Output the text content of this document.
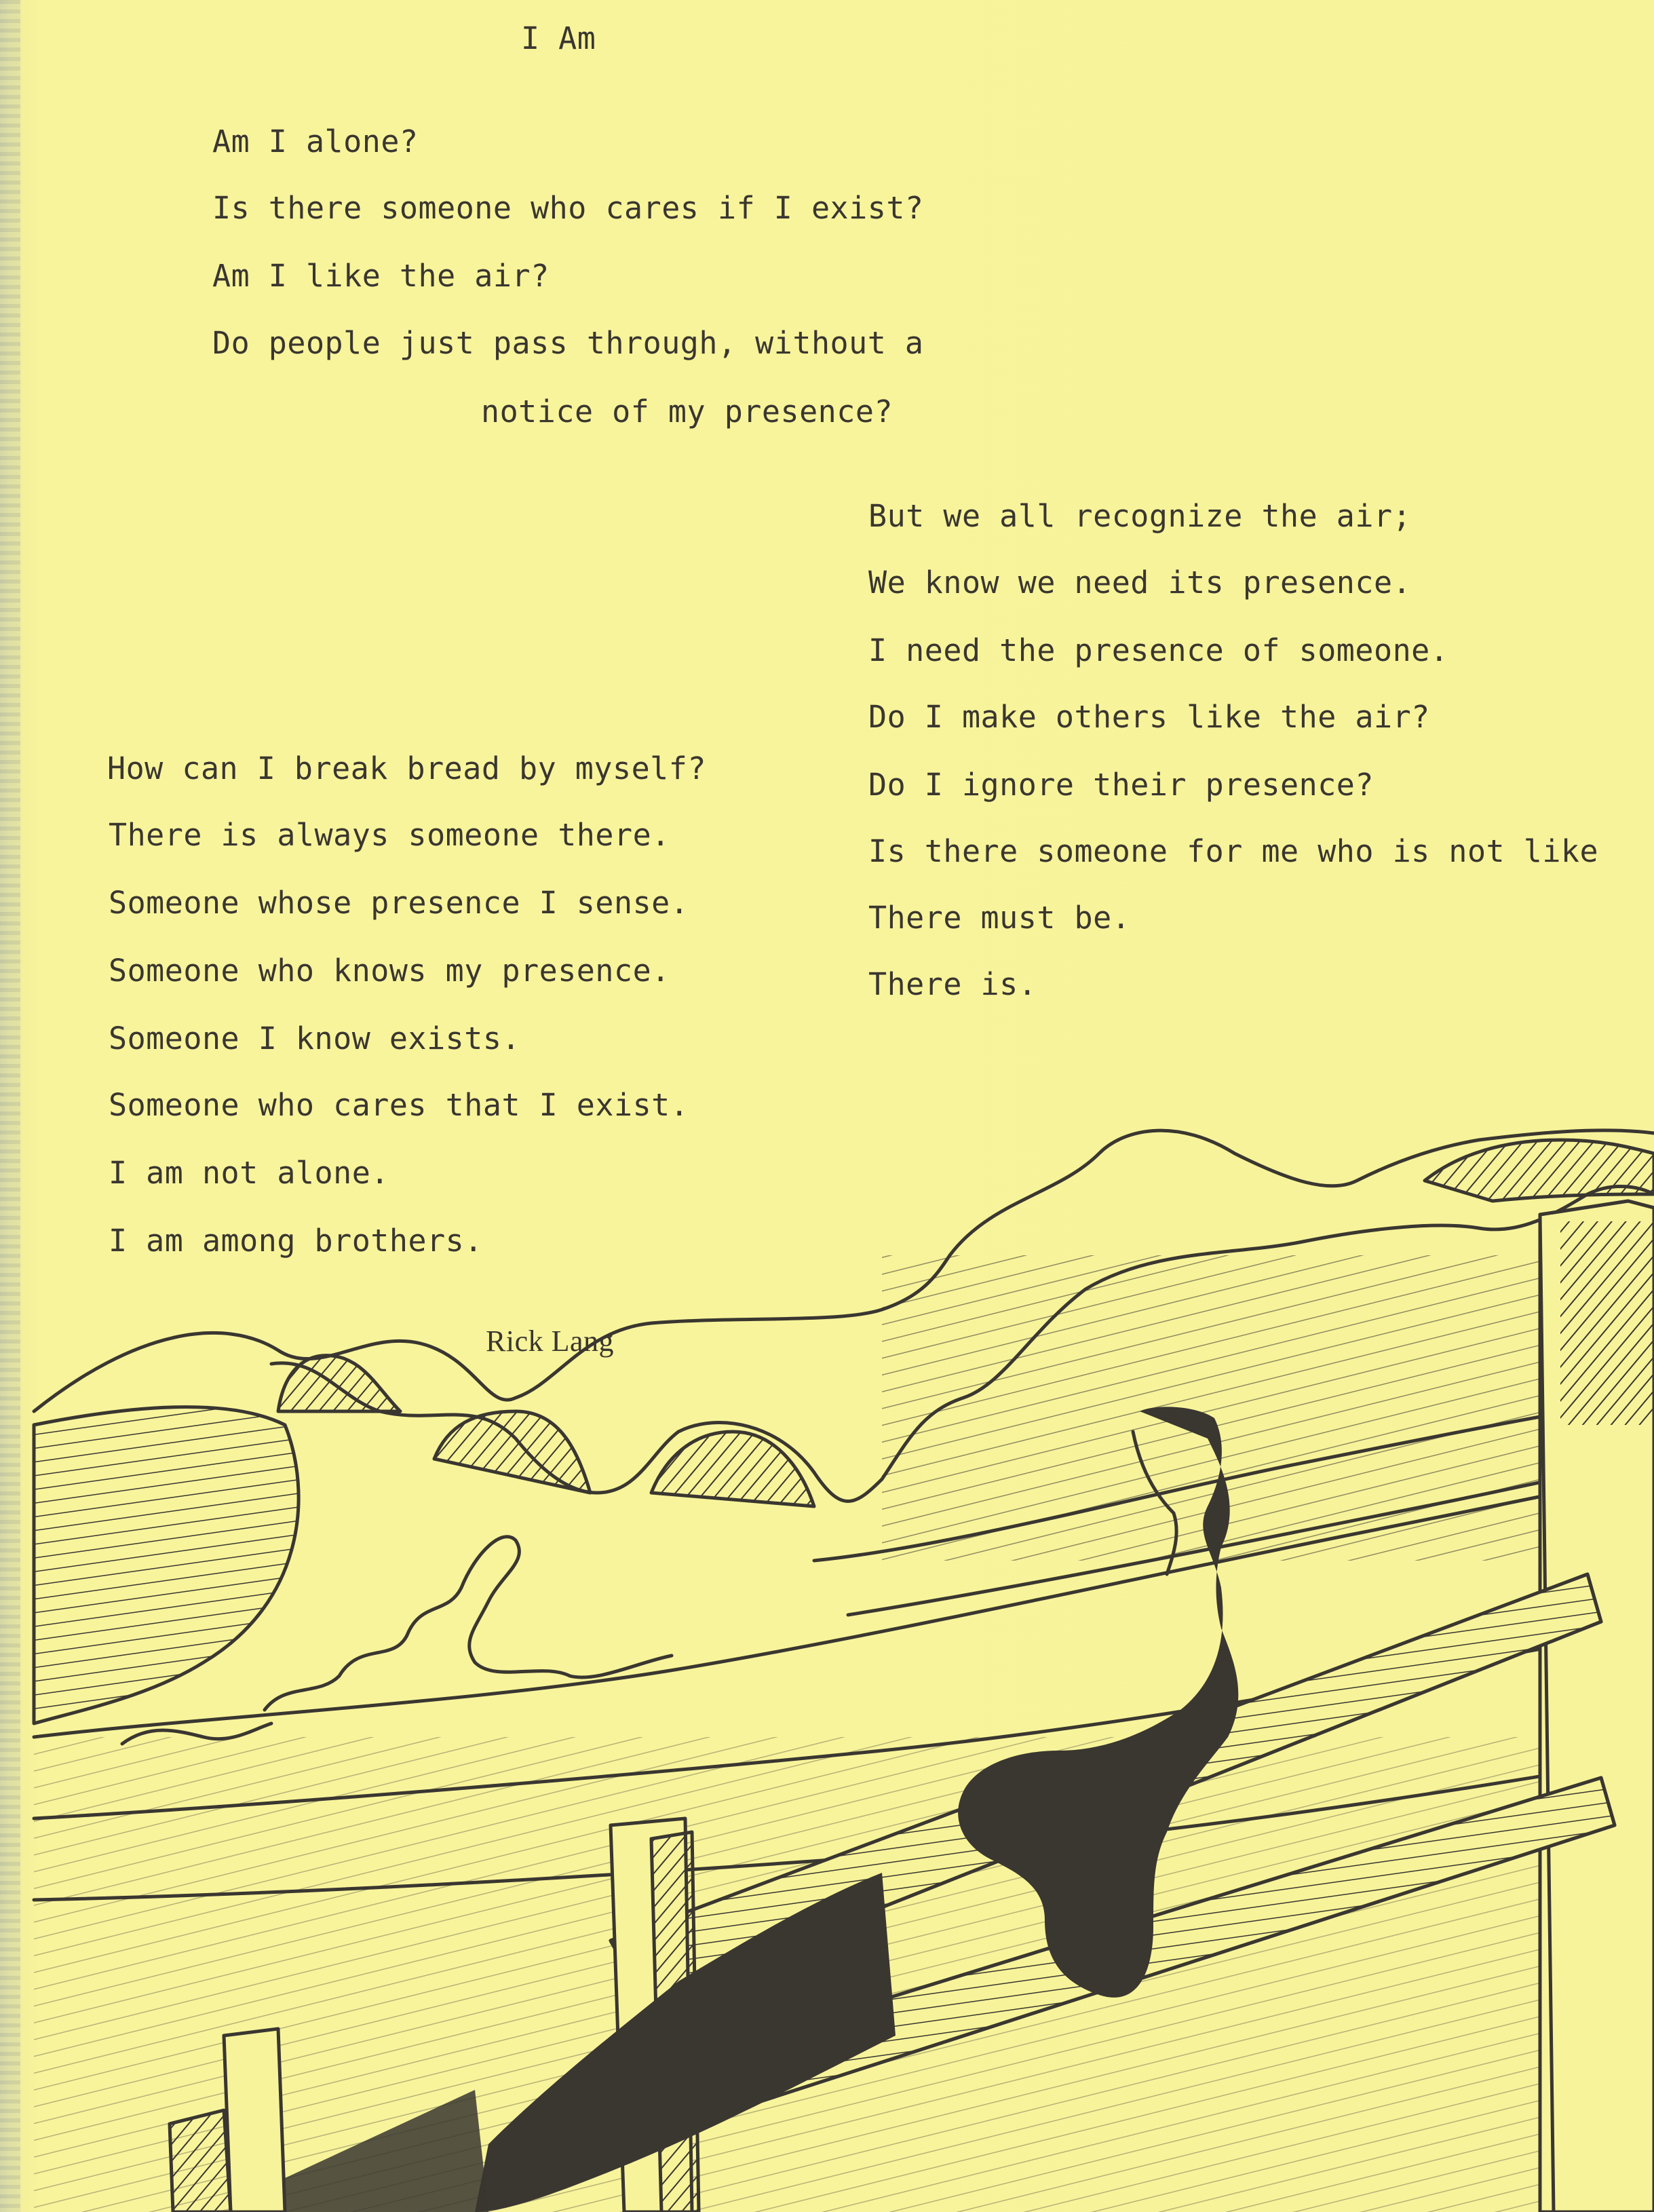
I Am
Am I alone?
Is there someone who cares if I exist?
Am I like the air?
Do people just pass through, without a
notice of my presence?
But we all recognize the air;
We know we need its presence.
I need the presence of someone.
Do I make others like the air?
Do I ignore their presence?
Is there someone for me who is not like
There must be.
There is.
How can I break bread by myself?
There is always someone there.
Someone whose presence I sense.
Someone who knows my presence.
Someone I know exists.
Someone who cares that I exist.
I am not alone.
I am among brothers.
Rick Lang
